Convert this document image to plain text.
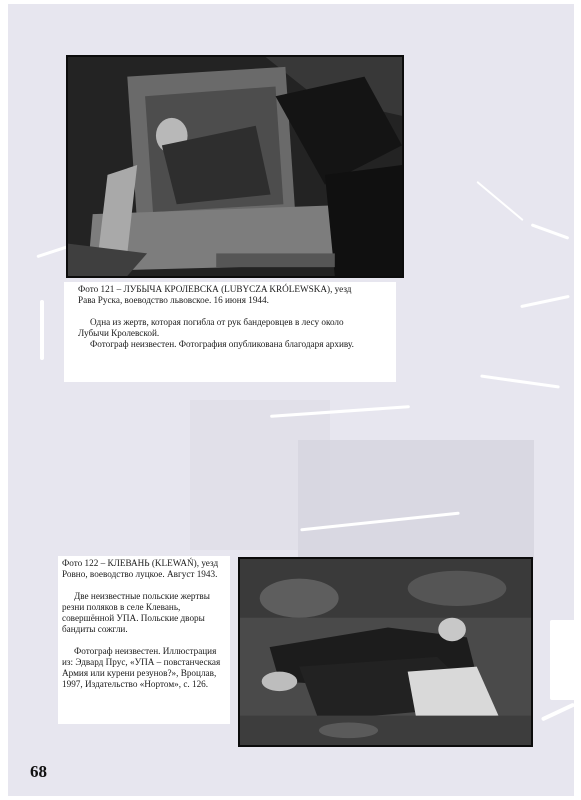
Фото 121 – ЛУБЫЧА КРОЛЕВСКА (LUBYCZA KRÓLEWSKA), уезд

Рава Руска, воеводство львовское. 16 июня 1944.

Одна из жертв, которая погибла от рук бандеровцев в лесу около

Лубычи Кролевской.

Фотограф неизвестен. Фотография опубликована благодаря архиву.

Фото 122 – КЛЕВАНЬ (KLEWAŃ), уезд

Ровно, воеводство луцкое. Август 1943.

Две неизвестные польские жертвы

резни поляков в селе Клевань,

совершённой УПА. Польские дворы

бандиты сожгли.

Фотограф неизвестен. Иллюстрация

из: Эдвард Прус, «УПА – повстанческая

Армия или курени резунов?», Вроцлав,

1997, Издательство «Нортом», с. 126.

68
